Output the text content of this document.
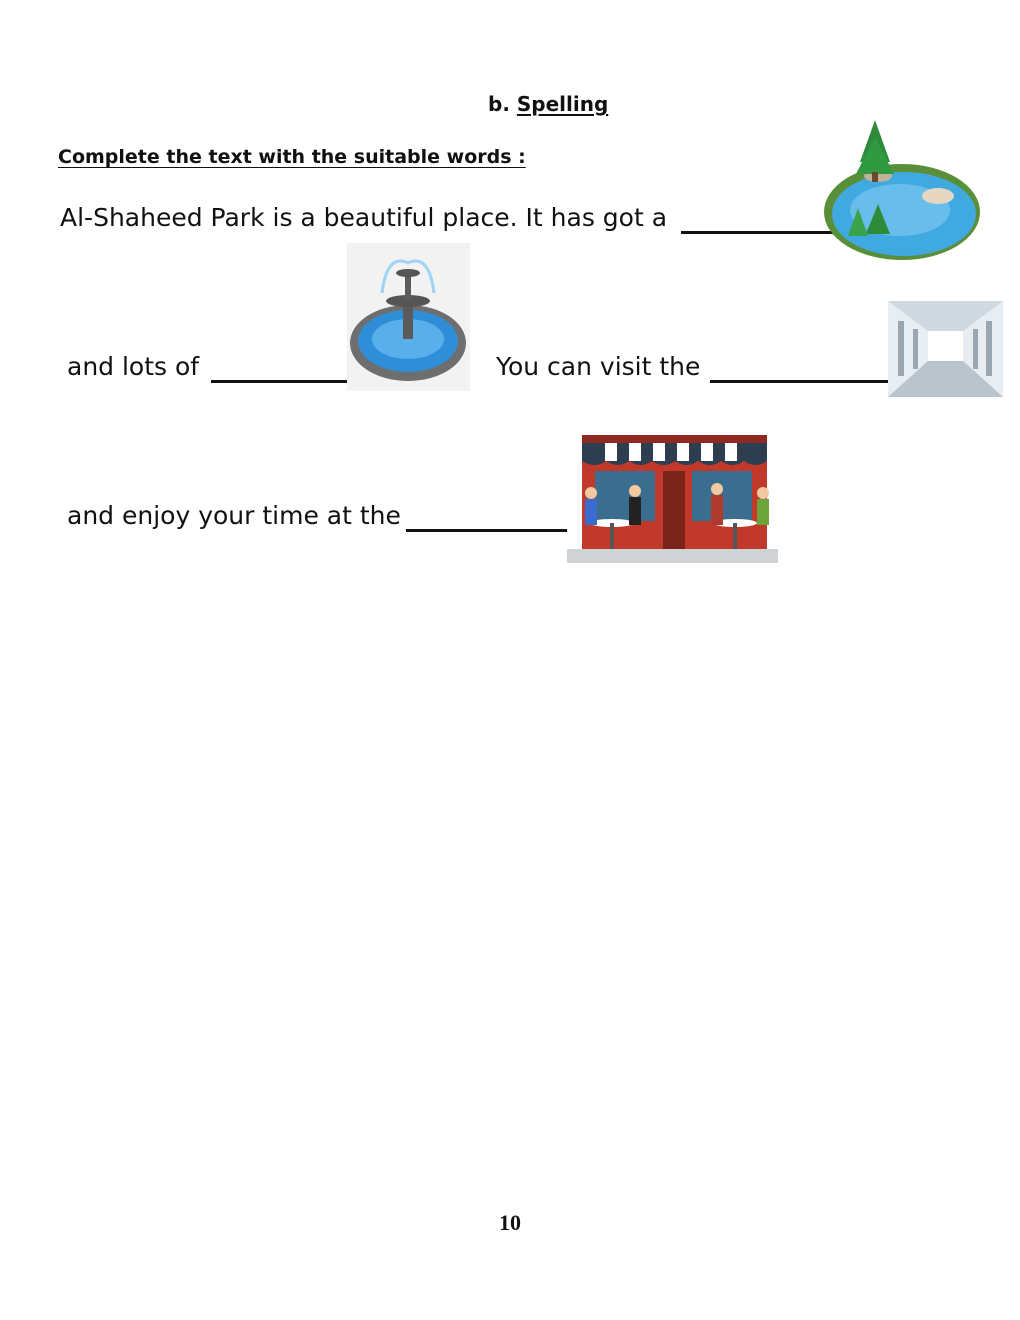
b. Spelling
Complete the text with the suitable words :
Al-Shaheed Park is a beautiful place. It has got a
and lots of	You can visit the
and enjoy your time at the
10
